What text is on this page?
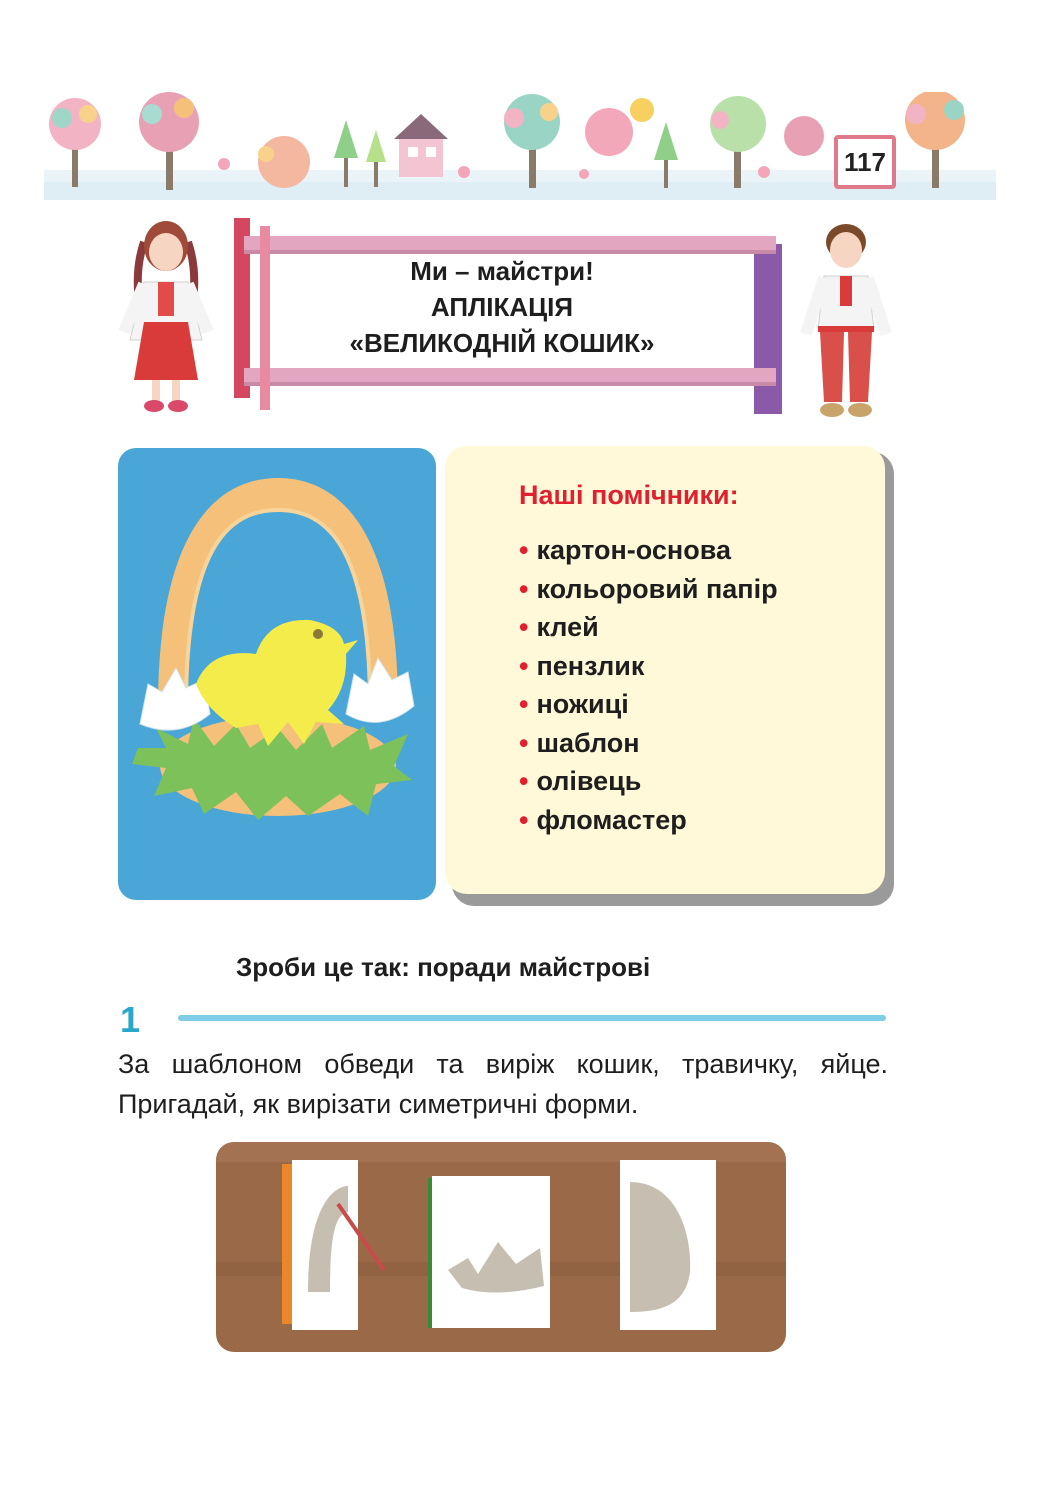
117
Ми – майстри!
АПЛІКАЦІЯ
«ВЕЛИКОДНІЙ КОШИК»
Наші помічники:
• картон-основа
• кольоровий папір
• клей
• пензлик
• ножиці
• шаблон
• олівець
• фломастер
Зроби це так: поради майстрові
1
За шаблоном обведи та виріж кошик, травичку, яйце. Пригадай, як вирізати симетричні форми.
